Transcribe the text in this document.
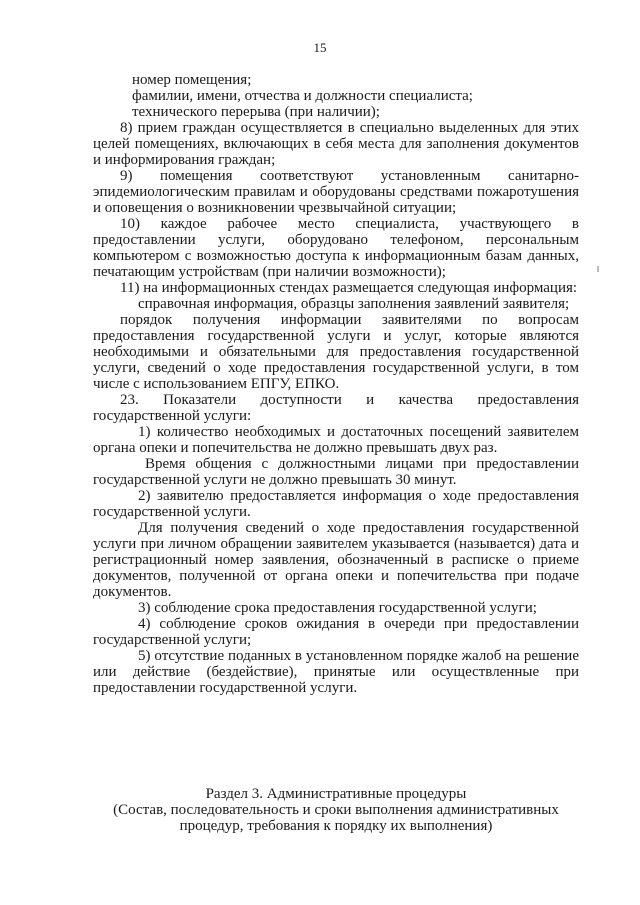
15

номер помещения;

фамилии, имени, отчества и должности специалиста;

технического перерыва (при наличии);

8) прием граждан осуществляется в специально выделенных для этих целей помещениях, включающих в себя места для заполнения документов и информирования граждан;

9) помещения соответствуют установленным санитарно-эпидемиологическим правилам и оборудованы средствами пожаротушения и оповещения о возникновении чрезвычайной ситуации;

10) каждое рабочее место специалиста, участвующего в предоставлении услуги, оборудовано телефоном, персональным компьютером с возможностью доступа к информационным базам данных, печатающим устройствам (при наличии возможности);

11) на информационных стендах размещается следующая информация:

справочная информация, образцы заполнения заявлений заявителя;

порядок получения информации заявителями по вопросам предоставления государственной услуги и услуг, которые являются необходимыми и обязательными для предоставления государственной услуги, сведений о ходе предоставления государственной услуги, в том числе с использованием ЕПГУ, ЕПКО.

23. Показатели доступности и качества предоставления государственной услуги:

1) количество необходимых и достаточных посещений заявителем органа опеки и попечительства не должно превышать двух раз.

Время общения с должностными лицами при предоставлении государственной услуги не должно превышать 30 минут.

2) заявителю предоставляется информация о ходе предоставления государственной услуги.

Для получения сведений о ходе предоставления государственной услуги при личном обращении заявителем указывается (называется) дата и регистрационный номер заявления, обозначенный в расписке о приеме документов, полученной от органа опеки и попечительства при подаче документов.

3) соблюдение срока предоставления государственной услуги;

4) соблюдение сроков ожидания в очереди при предоставлении государственной услуги;

5) отсутствие поданных в установленном порядке жалоб на решение или действие (бездействие), принятые или осуществленные при предоставлении государственной услуги.

Раздел 3. Административные процедуры
(Состав, последовательность и сроки выполнения административных
процедур, требования к порядку их выполнения)
